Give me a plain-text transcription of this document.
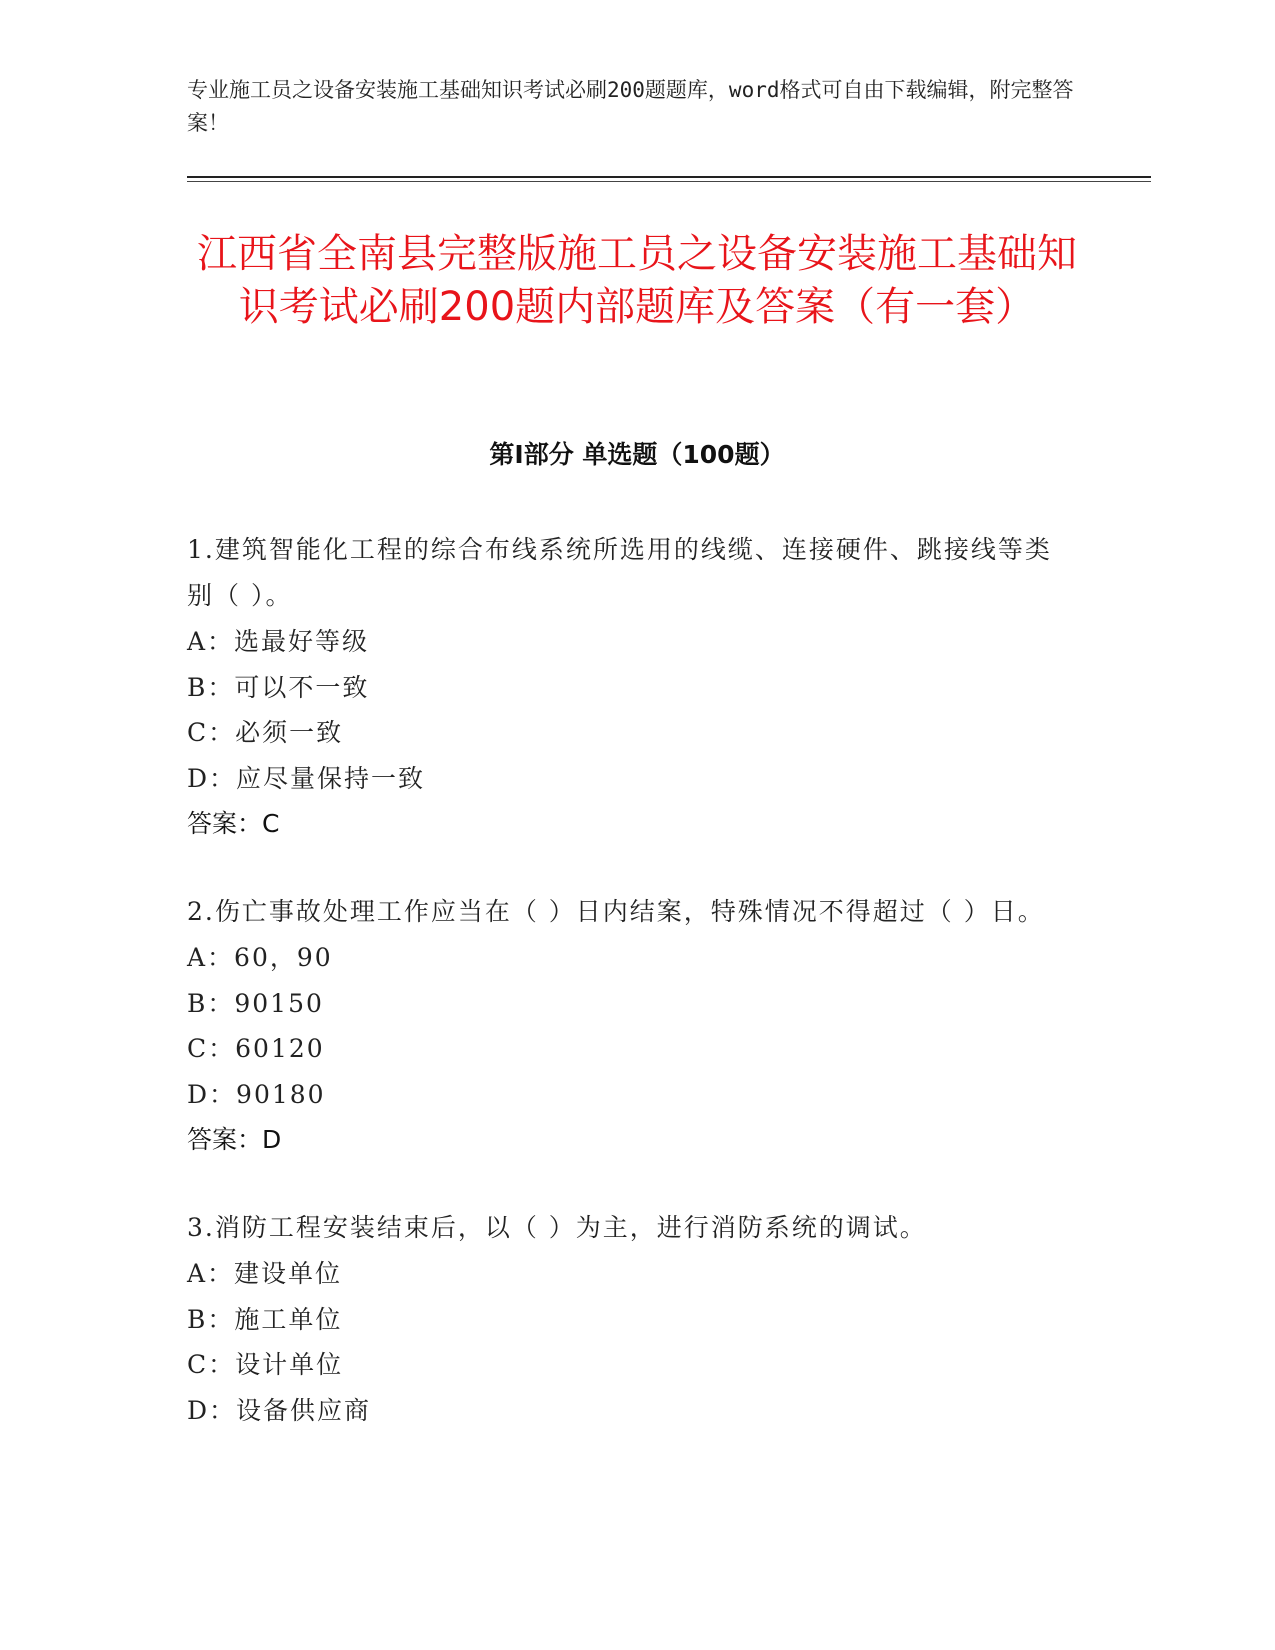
专业施工员之设备安装施工基础知识考试必刷200题题库，word格式可自由下载编辑，附完整答案！
江西省全南县完整版施工员之设备安装施工基础知识考试必刷200题内部题库及答案（有一套）
第Ⅰ部分 单选题（100题）

1.建筑智能化工程的综合布线系统所选用的线缆、连接硬件、跳接线等类别（ ）。

A：选最好等级

B：可以不一致

C：必须一致

D：应尽量保持一致

答案：C

2.伤亡事故处理工作应当在（ ）日内结案，特殊情况不得超过（ ）日。

A：60，90

B：90150

C：60120

D：90180

答案：D

3.消防工程安装结束后，以（ ）为主，进行消防系统的调试。

A：建设单位

B：施工单位

C：设计单位

D：设备供应商
